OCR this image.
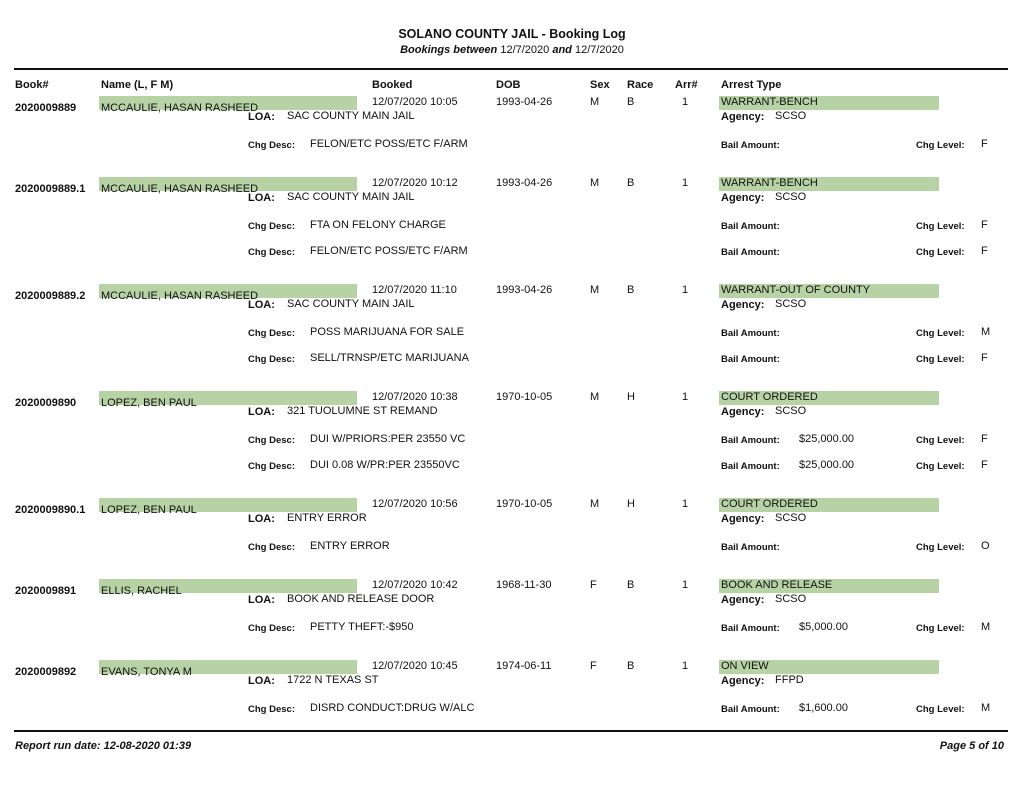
SOLANO COUNTY JAIL - Booking Log
Bookings between 12/7/2020 and 12/7/2020
Book#	Name (L, F M)	Booked	DOB	Sex Race Arr# Arrest Type
2020009889 MCCAULIE, HASAN RASHEED	12/07/2020 10:05	1993-04-26	M	B	1	WARRANT-BENCH
LOA: SAC COUNTY MAIN JAIL	Agency: SCSO
Chg Desc: FELON/ETC POSS/ETC F/ARM	Bail Amount:	Chg Level: F
2020009889.1 MCCAULIE, HASAN RASHEED	12/07/2020 10:12	1993-04-26	M	B	1	WARRANT-BENCH
LOA: SAC COUNTY MAIN JAIL	Agency: SCSO
Chg Desc: FTA ON FELONY CHARGE	Bail Amount:	Chg Level: F
Chg Desc: FELON/ETC POSS/ETC F/ARM	Bail Amount:	Chg Level: F
2020009889.2 MCCAULIE, HASAN RASHEED	12/07/2020 11:10	1993-04-26	M	B	1	WARRANT-OUT OF COUNTY
LOA: SAC COUNTY MAIN JAIL	Agency: SCSO
Chg Desc: POSS MARIJUANA FOR SALE	Bail Amount:	Chg Level: M
Chg Desc: SELL/TRNSP/ETC MARIJUANA	Bail Amount:	Chg Level: F
2020009890 LOPEZ, BEN PAUL	12/07/2020 10:38	1970-10-05	M	H	1	COURT ORDERED
LOA: 321 TUOLUMNE ST REMAND	Agency: SCSO
Chg Desc: DUI W/PRIORS:PER 23550 VC	Bail Amount: $25,000.00	Chg Level: F
Chg Desc: DUI 0.08 W/PR:PER 23550VC	Bail Amount: $25,000.00	Chg Level: F
2020009890.1 LOPEZ, BEN PAUL	12/07/2020 10:56	1970-10-05	M	H	1	COURT ORDERED
LOA: ENTRY ERROR	Agency: SCSO
Chg Desc: ENTRY ERROR	Bail Amount:	Chg Level: O
2020009891 ELLIS, RACHEL	12/07/2020 10:42	1968-11-30	F	B	1	BOOK AND RELEASE
LOA: BOOK AND RELEASE DOOR	Agency: SCSO
Chg Desc: PETTY THEFT:-$950	Bail Amount: $5,000.00	Chg Level: M
2020009892 EVANS, TONYA M	12/07/2020 10:45	1974-06-11	F	B	1	ON VIEW
LOA: 1722 N TEXAS ST	Agency: FFPD
Chg Desc: DISRD CONDUCT:DRUG W/ALC	Bail Amount: $1,600.00	Chg Level: M
Report run date: 12-08-2020 01:39	Page 5 of 10
